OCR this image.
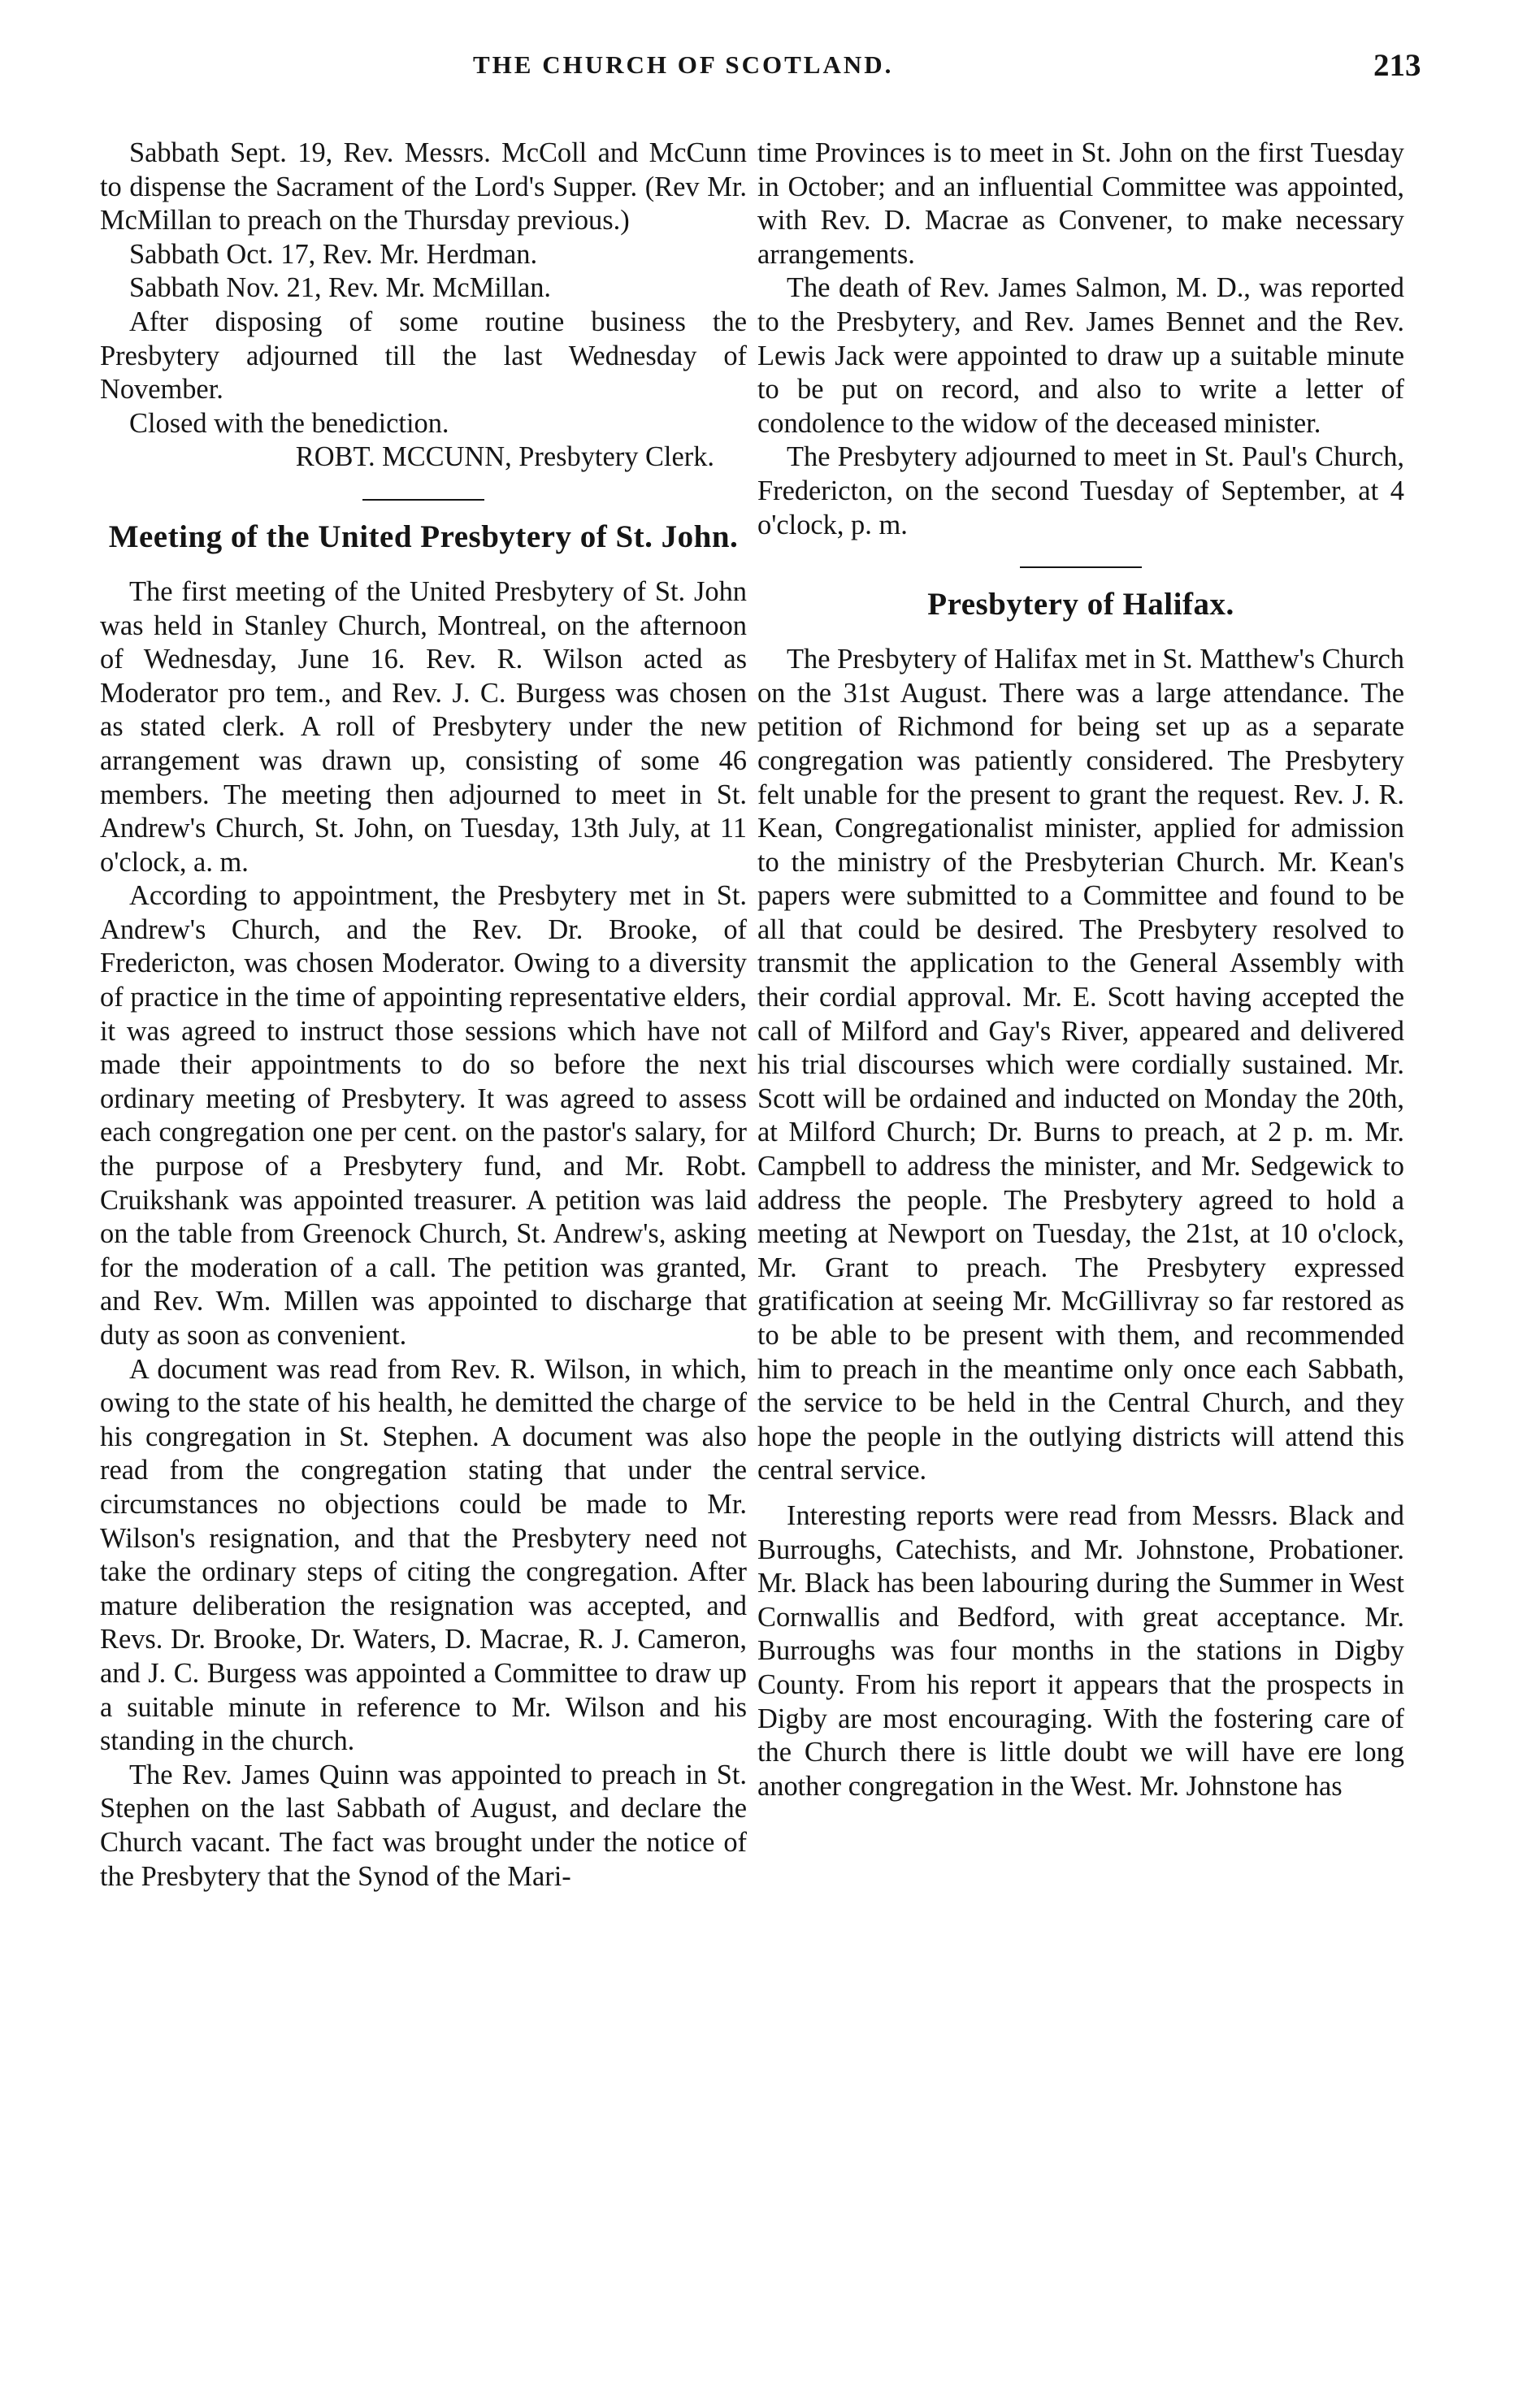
THE CHURCH OF SCOTLAND.	213

Sabbath Sept. 19, Rev. Messrs. McColl and McCunn to dispense the Sacrament of the Lord's Supper. (Rev Mr. McMillan to preach on the Thursday previous.)

Sabbath Oct. 17, Rev. Mr. Herdman.

Sabbath Nov. 21, Rev. Mr. McMillan.

After disposing of some routine business the Presbytery adjourned till the last Wednesday of November.

Closed with the benediction.

ROBT. MCCUNN, Presbytery Clerk.

Meeting of the United Presbytery of St. John.

The first meeting of the United Presbytery of St. John was held in Stanley Church, Montreal, on the afternoon of Wednesday, June 16. Rev. R. Wilson acted as Moderator pro tem., and Rev. J. C. Burgess was chosen as stated clerk. A roll of Presbytery under the new arrangement was drawn up, consisting of some 46 members. The meeting then adjourned to meet in St. Andrew's Church, St. John, on Tuesday, 13th July, at 11 o'clock, a. m.

According to appointment, the Presbytery met in St. Andrew's Church, and the Rev. Dr. Brooke, of Fredericton, was chosen Moderator. Owing to a diversity of practice in the time of appointing representative elders, it was agreed to instruct those sessions which have not made their appointments to do so before the next ordinary meeting of Presbytery. It was agreed to assess each congregation one per cent. on the pastor's salary, for the purpose of a Presbytery fund, and Mr. Robt. Cruikshank was appointed treasurer. A petition was laid on the table from Greenock Church, St. Andrew's, asking for the moderation of a call. The petition was granted, and Rev. Wm. Millen was appointed to discharge that duty as soon as convenient.

A document was read from Rev. R. Wilson, in which, owing to the state of his health, he demitted the charge of his congregation in St. Stephen. A document was also read from the congregation stating that under the circumstances no objections could be made to Mr. Wilson's resignation, and that the Presbytery need not take the ordinary steps of citing the congregation. After mature deliberation the resignation was accepted, and Revs. Dr. Brooke, Dr. Waters, D. Macrae, R. J. Cameron, and J. C. Burgess was appointed a Committee to draw up a suitable minute in reference to Mr. Wilson and his standing in the church.

The Rev. James Quinn was appointed to preach in St. Stephen on the last Sabbath of August, and declare the Church vacant. The fact was brought under the notice of the Presbytery that the Synod of the Mari-

time Provinces is to meet in St. John on the first Tuesday in October; and an influential Committee was appointed, with Rev. D. Macrae as Convener, to make necessary arrangements.

The death of Rev. James Salmon, M. D., was reported to the Presbytery, and Rev. James Bennet and the Rev. Lewis Jack were appointed to draw up a suitable minute to be put on record, and also to write a letter of condolence to the widow of the deceased minister.

The Presbytery adjourned to meet in St. Paul's Church, Fredericton, on the second Tuesday of September, at 4 o'clock, p. m.

Presbytery of Halifax.

The Presbytery of Halifax met in St. Matthew's Church on the 31st August. There was a large attendance. The petition of Richmond for being set up as a separate congregation was patiently considered. The Presbytery felt unable for the present to grant the request. Rev. J. R. Kean, Congregationalist minister, applied for admission to the ministry of the Presbyterian Church. Mr. Kean's papers were submitted to a Committee and found to be all that could be desired. The Presbytery resolved to transmit the application to the General Assembly with their cordial approval. Mr. E. Scott having accepted the call of Milford and Gay's River, appeared and delivered his trial discourses which were cordially sustained. Mr. Scott will be ordained and inducted on Monday the 20th, at Milford Church; Dr. Burns to preach, at 2 p. m. Mr. Campbell to address the minister, and Mr. Sedgewick to address the people. The Presbytery agreed to hold a meeting at Newport on Tuesday, the 21st, at 10 o'clock, Mr. Grant to preach. The Presbytery expressed gratification at seeing Mr. McGillivray so far restored as to be able to be present with them, and recommended him to preach in the meantime only once each Sabbath, the service to be held in the Central Church, and they hope the people in the outlying districts will attend this central service.

Interesting reports were read from Messrs. Black and Burroughs, Catechists, and Mr. Johnstone, Probationer. Mr. Black has been labouring during the Summer in West Cornwallis and Bedford, with great acceptance. Mr. Burroughs was four months in the stations in Digby County. From his report it appears that the prospects in Digby are most encouraging. With the fostering care of the Church there is little doubt we will have ere long another congregation in the West. Mr. Johnstone has
